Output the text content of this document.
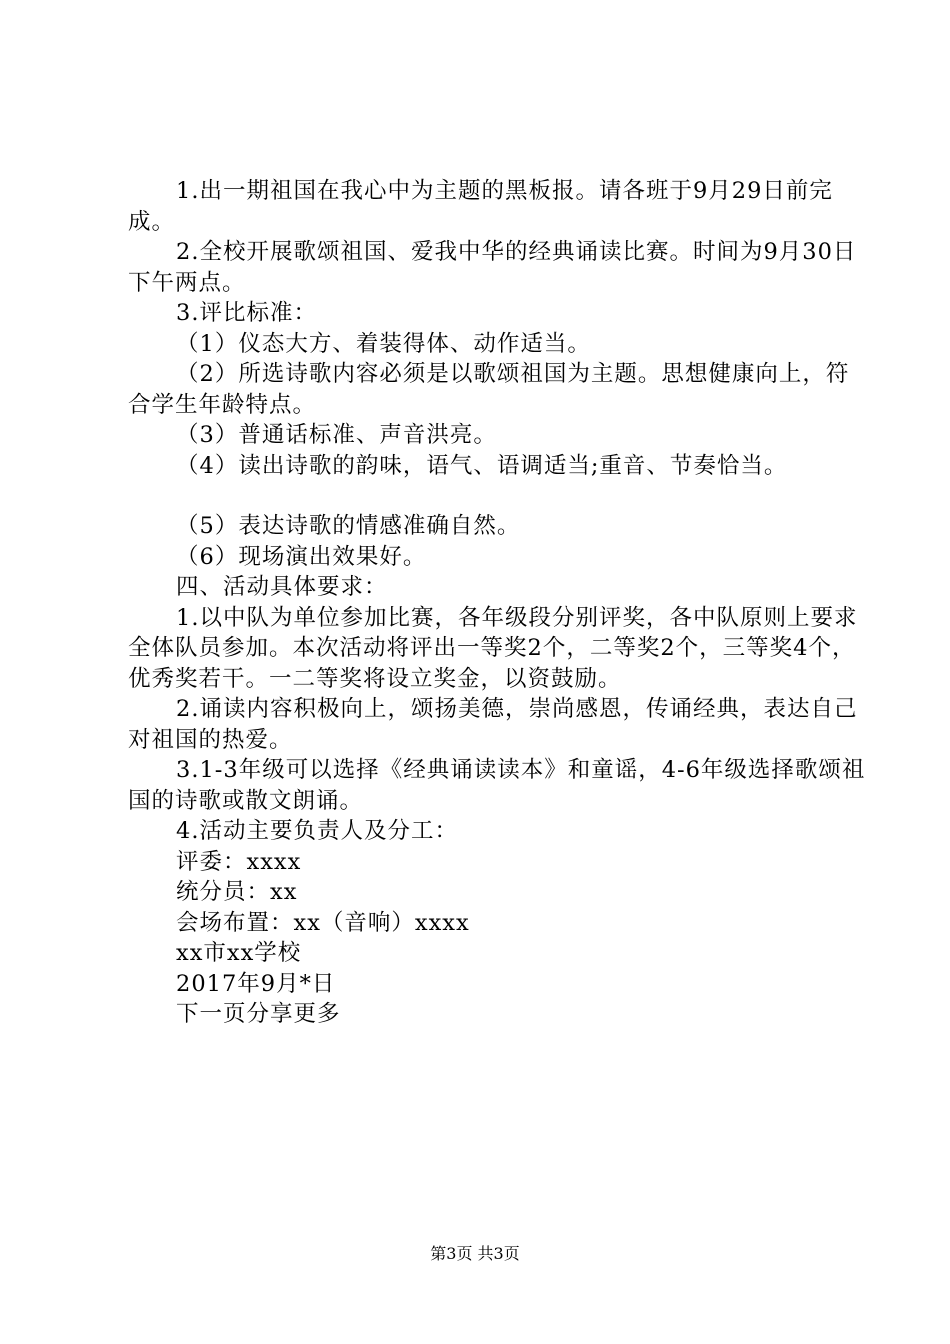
1.出一期祖国在我心中为主题的黑板报。请各班于9月29日前完成。

2.全校开展歌颂祖国、爱我中华的经典诵读比赛。时间为9月30日下午两点。

3.评比标准：

（1）仪态大方、着装得体、动作适当。

（2）所选诗歌内容必须是以歌颂祖国为主题。思想健康向上，符合学生年龄特点。

（3）普通话标准、声音洪亮。

（4）读出诗歌的韵味，语气、语调适当;重音、节奏恰当。

（5）表达诗歌的情感准确自然。

（6）现场演出效果好。

四、活动具体要求：

1.以中队为单位参加比赛，各年级段分别评奖，各中队原则上要求全体队员参加。本次活动将评出一等奖2个，二等奖2个，三等奖4个，优秀奖若干。一二等奖将设立奖金，以资鼓励。

2.诵读内容积极向上，颂扬美德，崇尚感恩，传诵经典，表达自己对祖国的热爱。

3.1-3年级可以选择《经典诵读读本》和童谣，4-6年级选择歌颂祖国的诗歌或散文朗诵。

4.活动主要负责人及分工：

评委：xxxx

统分员：xx

会场布置：xx（音响）xxxx

xx市xx学校

2017年9月*日

下一页分享更多

第3页 共3页
